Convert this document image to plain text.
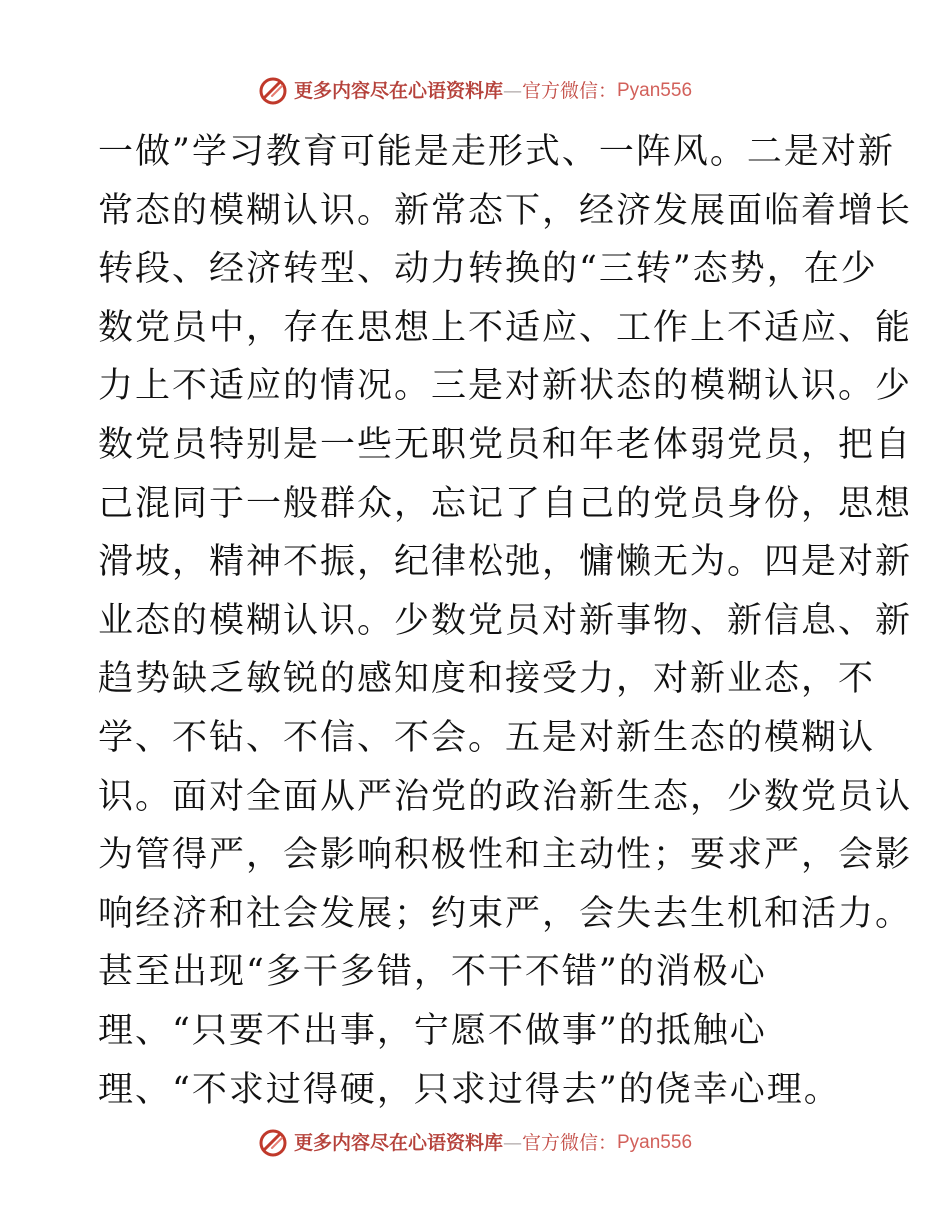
更多内容尽在心语资料库 — 官方微信： Pyan556
一做”学习教育可能是走形式、一阵风。二是对新
常态的模糊认识。新常态下，经济发展面临着增长
转段、经济转型、动力转换的“三转”态势，在少
数党员中，存在思想上不适应、工作上不适应、能
力上不适应的情况。三是对新状态的模糊认识。少
数党员特别是一些无职党员和年老体弱党员，把自
己混同于一般群众，忘记了自己的党员身份，思想
滑坡，精神不振，纪律松弛，慵懒无为。四是对新
业态的模糊认识。少数党员对新事物、新信息、新
趋势缺乏敏锐的感知度和接受力，对新业态，不
学、不钻、不信、不会。五是对新生态的模糊认
识。面对全面从严治党的政治新生态，少数党员认
为管得严，会影响积极性和主动性；要求严，会影
响经济和社会发展；约束严，会失去生机和活力。
甚至出现“多干多错，不干不错”的消极心
理、“只要不出事，宁愿不做事”的抵触心
理、“不求过得硬，只求过得去”的侥幸心理。
更多内容尽在心语资料库 — 官方微信： Pyan556
